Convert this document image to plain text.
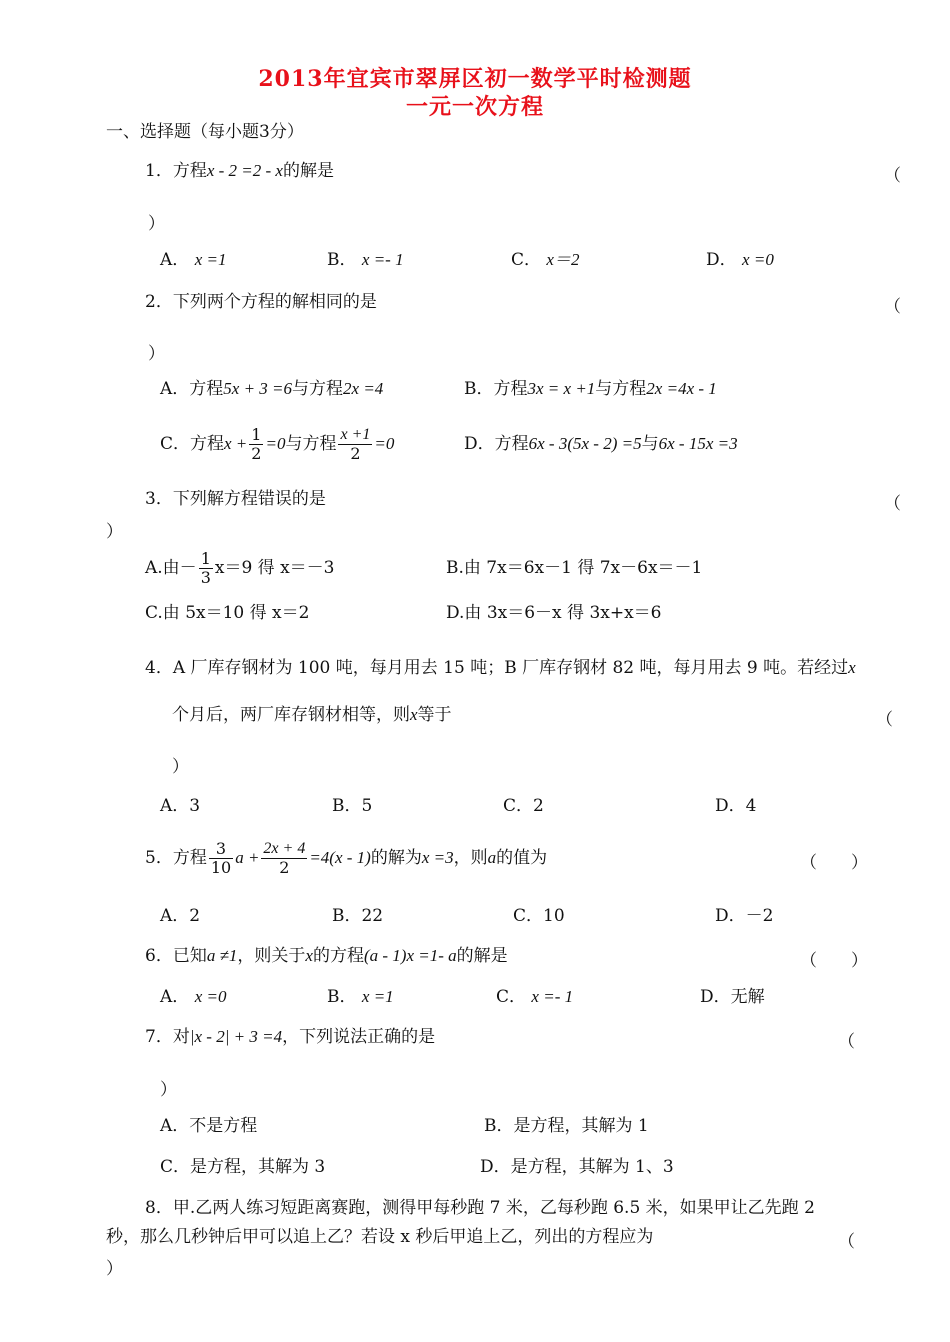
2013年宜宾市翠屏区初一数学平时检测题
一元一次方程
一、选择题（每小题3分）
1．方程x - 2 =2 - x的解是	（
）
A． x =1	B． x =- 1	C． x＝2	D． x =0
2．下列两个方程的解相同的是	（
）
A．方程5x + 3 =6与方程2x =4	B．方程3x = x +1与方程2x =4x - 1
C．方程$x + \frac{1}{2} =0$与方程 $\frac{x +1}{2} =0$	D．方程6x - 3(5x - 2) =5与6x - 15x =3
3．下列解方程错误的是	（
）
A.由－ $\frac{1}{3} x=9$ 得 x＝－3	B.由 7x＝6x－1 得 7x－6x＝－1
C.由 5x＝10 得 x＝2	D.由 3x＝6－x 得 3x+x＝6
4．A 厂库存钢材为 100 吨，每月用去 15 吨；B 厂库存钢材 82 吨，每月用去 9 吨。若经过x
个月后，两厂库存钢材相等，则x等于	（
）
A．3	B．5	C．2	D．4
5．方程 $\frac{3}{10}$ $a + \frac{2x + 4}{2} =4(x - 1)$的解为x =3，则a的值为	（　　）
A．2	B．22	C．10	D．－2
6．已知a ≠1，则关于x的方程(a - 1)x =1- a的解是	（　　）
A． x =0	B． x =1	C． x =- 1	D．无解
7．对|x - 2| + 3 =4，下列说法正确的是	（
）
A．不是方程	B．是方程，其解为 1
C．是方程，其解为 3	D．是方程，其解为 1、3
8．甲.乙两人练习短距离赛跑，测得甲每秒跑 7 米，乙每秒跑 6.5 米，如果甲让乙先跑 2
秒，那么几秒钟后甲可以追上乙？若设 x 秒后甲追上乙，列出的方程应为	（
）
